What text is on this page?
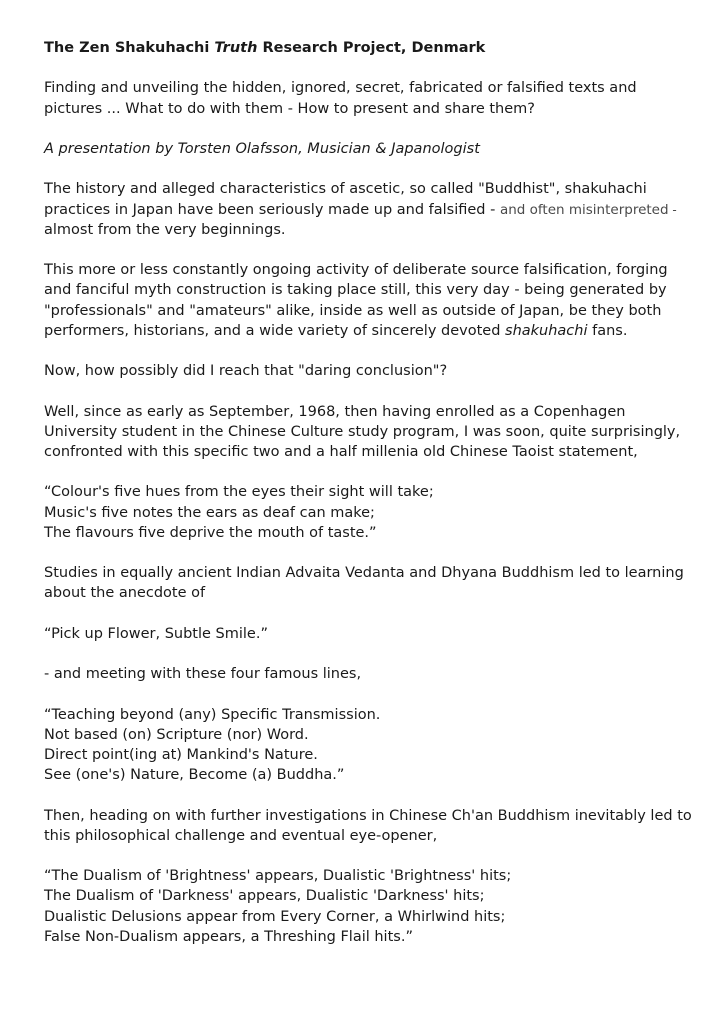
The Zen Shakuhachi Truth Research Project, Denmark

Finding and unveiling the hidden, ignored, secret, fabricated or falsified texts and pictures ... What to do with them - How to present and share them?

A presentation by Torsten Olafsson, Musician & Japanologist

The history and alleged characteristics of ascetic, so called "Buddhist", shakuhachi practices in Japan have been seriously made up and falsified - and often misinterpreted - almost from the very beginnings.

This more or less constantly ongoing activity of deliberate source falsification, forging and fanciful myth construction is taking place still, this very day - being generated by "professionals" and "amateurs" alike, inside as well as outside of Japan, be they both performers, historians, and a wide variety of sincerely devoted shakuhachi fans.

Now, how possibly did I reach that "daring conclusion"?

Well, since as early as September, 1968, then having enrolled as a Copenhagen University student in the Chinese Culture study program, I was soon, quite surprisingly, confronted with this specific two and a half millenia old Chinese Taoist statement,

“Colour's five hues from the eyes their sight will take;
Music's five notes the ears as deaf can make;
The flavours five deprive the mouth of taste.”

Studies in equally ancient Indian Advaita Vedanta and Dhyana Buddhism led to learning about the anecdote of

“Pick up Flower, Subtle Smile.”

- and meeting with these four famous lines,

“Teaching beyond (any) Specific Transmission.
Not based (on) Scripture (nor) Word.
Direct point(ing at) Mankind's Nature.
See (one's) Nature, Become (a) Buddha.”

Then, heading on with further investigations in Chinese Ch'an Buddhism inevitably led to this philosophical challenge and eventual eye-opener,

“The Dualism of 'Brightness' appears, Dualistic 'Brightness' hits;
The Dualism of 'Darkness' appears, Dualistic 'Darkness' hits;
Dualistic Delusions appear from Every Corner, a Whirlwind hits;
False Non-Dualism appears, a Threshing Flail hits.”
